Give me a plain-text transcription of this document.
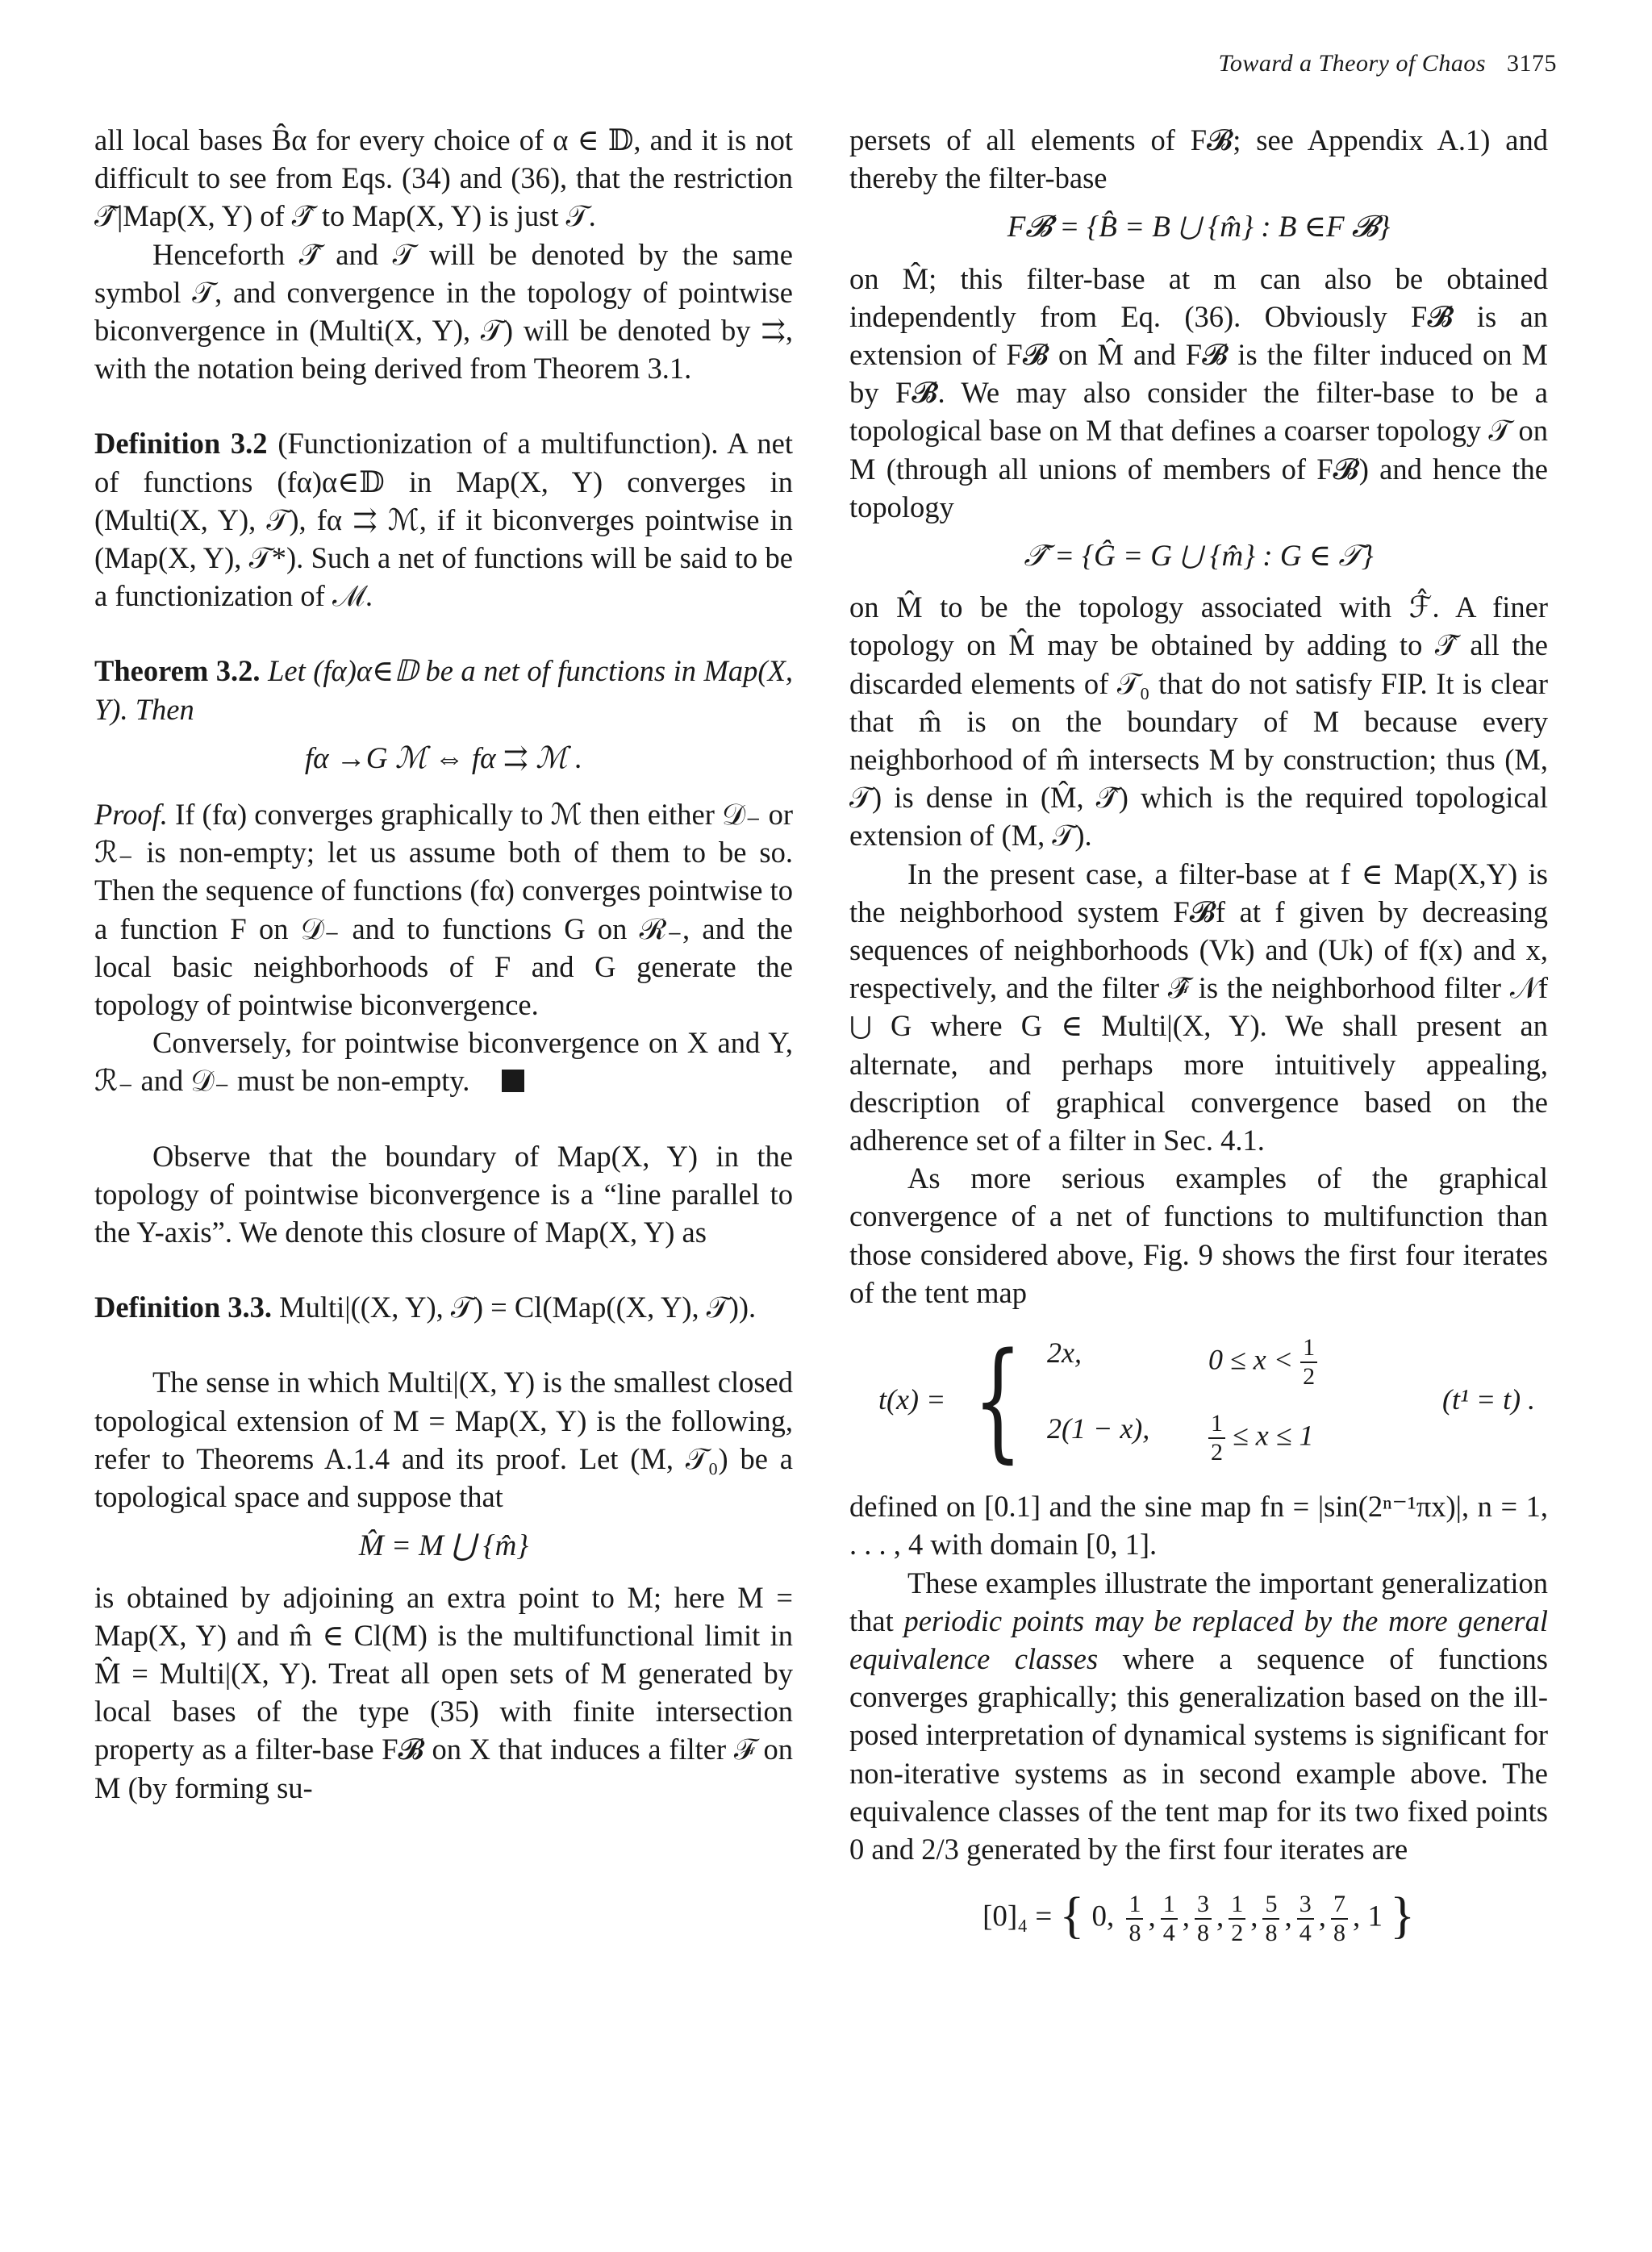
Toward a Theory of Chaos 3175

all local bases B̂α for every choice of α ∈ 𝔻, and it is not difficult to see from Eqs. (34) and (36), that the restriction 𝒯̂|Map(X, Y) of 𝒯̂ to Map(X, Y) is just 𝒯.

Henceforth 𝒯̂ and 𝒯 will be denoted by the same symbol 𝒯, and convergence in the topology of pointwise biconvergence in (Multi(X, Y), 𝒯) will be denoted by ⇉, with the notation being derived from Theorem 3.1.

Definition 3.2 (Functionization of a multifunction). A net of functions (fα)α∈𝔻 in Map(X, Y) converges in (Multi(X, Y), 𝒯), fα ⇉ ℳ, if it biconverges pointwise in (Map(X, Y), 𝒯*). Such a net of functions will be said to be a functionization of ℳ.

Theorem 3.2. Let (fα)α∈𝔻 be a net of functions in Map(X, Y). Then

fα →G ℳ ⇔ fα ⇉ ℳ .

Proof. If (fα) converges graphically to ℳ then either 𝒟₋ or ℛ₋ is non-empty; let us assume both of them to be so. Then the sequence of functions (fα) converges pointwise to a function F on 𝒟₋ and to functions G on ℛ₋, and the local basic neighborhoods of F and G generate the topology of pointwise biconvergence.

Conversely, for pointwise biconvergence on X and Y, ℛ₋ and 𝒟₋ must be non-empty.

Observe that the boundary of Map(X, Y) in the topology of pointwise biconvergence is a “line parallel to the Y-axis”. We denote this closure of Map(X, Y) as

Definition 3.3. Multi|((X, Y), 𝒯) = Cl(Map((X, Y), 𝒯)).

The sense in which Multi|(X, Y) is the smallest closed topological extension of M = Map(X, Y) is the following, refer to Theorems A.1.4 and its proof. Let (M, 𝒯₀) be a topological space and suppose that

M̂ = M ⋃ {m̂}

is obtained by adjoining an extra point to M; here M = Map(X, Y) and m̂ ∈ Cl(M) is the multifunctional limit in M̂ = Multi|(X, Y). Treat all open sets of M generated by local bases of the type (35) with finite intersection property as a filter-base F𝓑 on X that induces a filter ℱ on M (by forming su-

persets of all elements of F𝓑; see Appendix A.1) and thereby the filter-base

F𝓑̂ = {B̂ = B ⋃ {m̂} : B ∈F 𝓑}

on M̂; this filter-base at m can also be obtained independently from Eq. (36). Obviously F𝓑̂ is an extension of F𝓑 on M̂ and F𝓑 is the filter induced on M by F𝓑̂. We may also consider the filter-base to be a topological base on M that defines a coarser topology 𝒯 on M (through all unions of members of F𝓑) and hence the topology

𝒯̂ = {Ĝ = G ⋃ {m̂} : G ∈ 𝒯}

on M̂ to be the topology associated with ℱ̂. A finer topology on M̂ may be obtained by adding to 𝒯̂ all the discarded elements of 𝒯₀ that do not satisfy FIP. It is clear that m̂ is on the boundary of M because every neighborhood of m̂ intersects M by construction; thus (M, 𝒯) is dense in (M̂, 𝒯̂) which is the required topological extension of (M, 𝒯).

In the present case, a filter-base at f ∈ Map(X,Y) is the neighborhood system F𝓑f at f given by decreasing sequences of neighborhoods (Vk) and (Uk) of f(x) and x, respectively, and the filter ℱ̂ is the neighborhood filter 𝒩f ⋃ G where G ∈ Multi|(X, Y). We shall present an alternate, and perhaps more intuitively appealing, description of graphical convergence based on the adherence set of a filter in Sec. 4.1.

As more serious examples of the graphical convergence of a net of functions to multifunction than those considered above, Fig. 9 shows the first four iterates of the tent map

t(x) = { 2x,	$0 \le x < \frac{1}{2}$
2(1 − x),	$\frac{1}{2} \le x \le 1$
(t¹ = t) .

defined on [0.1] and the sine map fn = |sin(2ⁿ⁻¹πx)|, n = 1, . . . , 4 with domain [0, 1].

These examples illustrate the important generalization that periodic points may be replaced by the more general equivalence classes where a sequence of functions converges graphically; this generalization based on the ill-posed interpretation of dynamical systems is significant for non-iterative systems as in second example above. The equivalence classes of the tent map for its two fixed points 0 and 2/3 generated by the first four iterates are

[0]₄ = { 0, $\frac{1}{8}$ , $\frac{1}{4}$ , $\frac{3}{8}$ , $\frac{1}{2}$ , $\frac{5}{8}$ , $\frac{3}{4}$ , $\frac{7}{8}$ , 1 }
